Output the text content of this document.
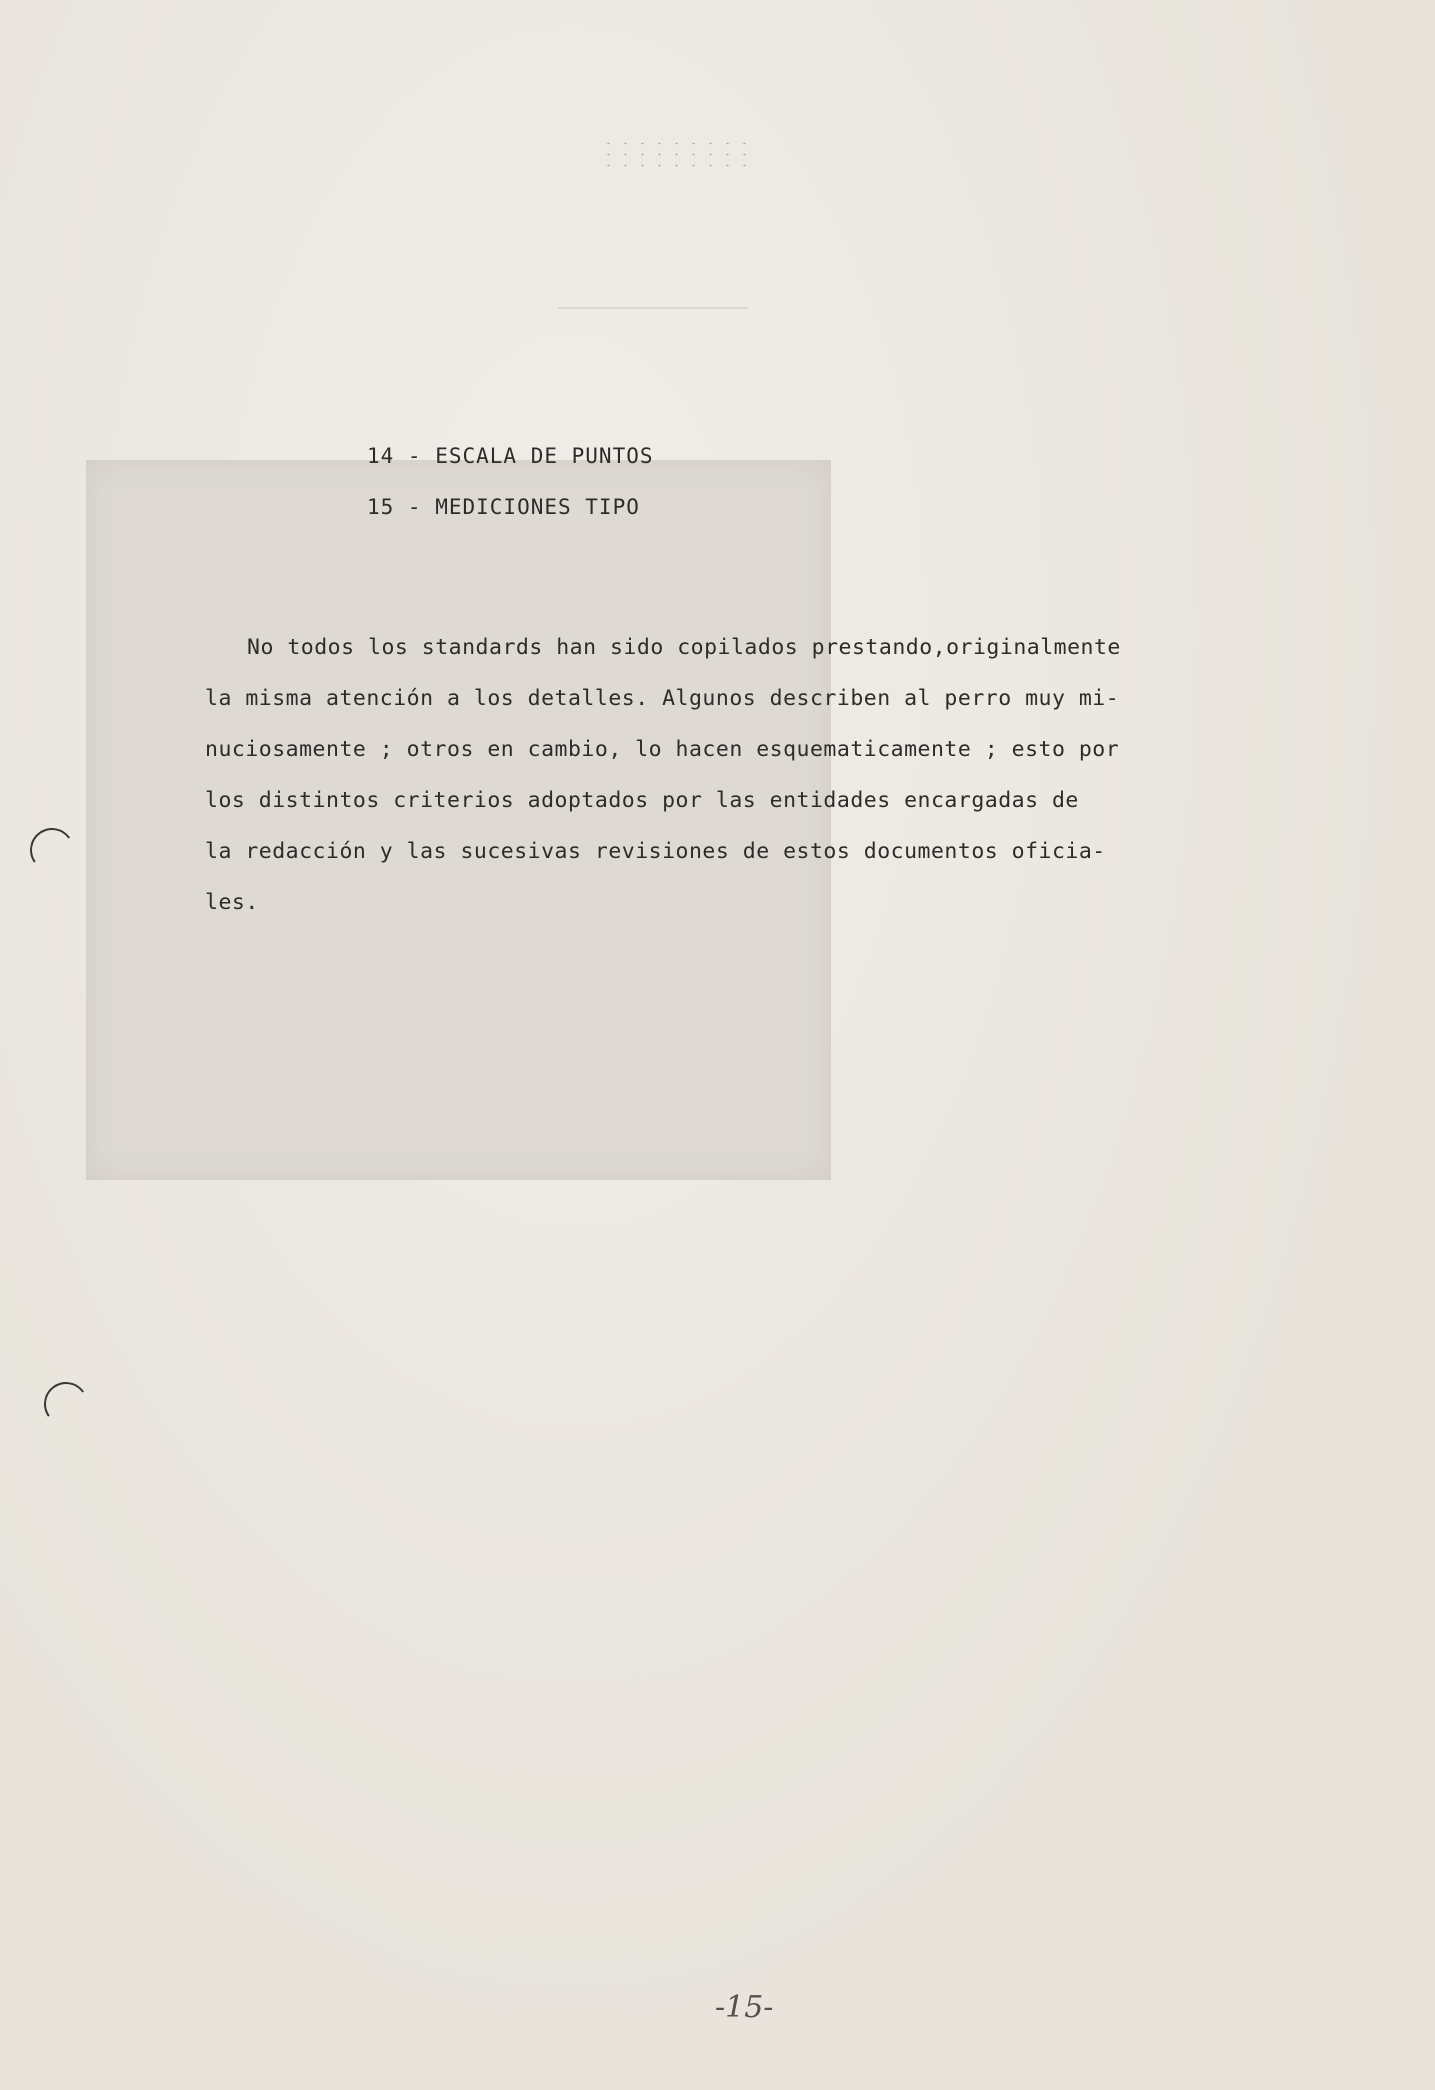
14 - ESCALA DE PUNTOS
15 - MEDICIONES TIPO
No todos los standards han sido copilados prestando,originalmente
la misma atención a los detalles. Algunos describen al perro muy mi-
nuciosamente ; otros en cambio, lo hacen esquematicamente ; esto por
los distintos criterios adoptados por las entidades encargadas de
la redacción y las sucesivas revisiones de estos documentos oficia-
les.
-15-
